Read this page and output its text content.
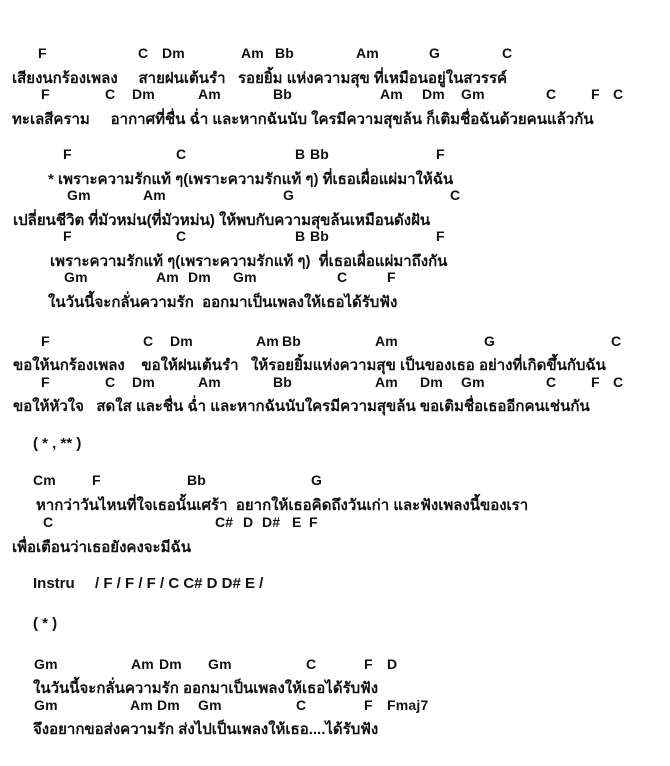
F	C Dm	Am Bb	Am	G	C
เสียงนกร้องเพลง     สายฝนเต้นรำ   รอยยิ้ม แห่งความสุข ที่เหมือนอยู่ในสวรรค์
F	C Dm	Am	Bb	Am Dm Gm	C F C
ทะเลสีคราม     อากาศที่ชื่น ฉ่ำ และหากฉันนับ ใครมีความสุขล้น ก็เติมชื่อฉันด้วยคนแล้วกัน
F	C	B Bb	F
* เพราะความรักแท้ ๆ(เพราะความรักแท้ ๆ) ที่เธอเผื่อแผ่มาให้ฉัน
Gm	Am	G	C
เปลี่ยนชีวิต ที่มัวหม่น(ที่มัวหม่น) ให้พบกับความสุขล้นเหมือนดังฝัน
F	C	B Bb	F
เพราะความรักแท้ ๆ(เพราะความรักแท้ ๆ)  ที่เธอเผื่อแผ่มาถึงกัน
Gm	Am Dm Gm	C	F
ในวันนี้จะกลั่นความรัก  ออกมาเป็นเพลงให้เธอได้รับฟัง
F	C Dm	Am Bb	Am	G	C
ขอให้นกร้องเพลง    ขอให้ฝนเต้นรำ   ให้รอยยิ้มแห่งความสุข เป็นของเธอ อย่างที่เกิดขึ้นกับฉัน
F	C Dm	Am	Bb	Am Dm Gm	C F C
ขอให้หัวใจ   สดใส และชื่น ฉ่ำ และหากฉันนับใครมีความสุขล้น ขอเติมชื่อเธออีกคนเช่นกัน
( * , ** )
Cm	F	Bb	G
หากว่าวันไหนที่ใจเธอนั้นเศร้า  อยากให้เธอคิดถึงวันเก่า และฟังเพลงนี้ของเรา
C	C# D D# E F
เพื่อเตือนว่าเธอยังคงจะมีฉัน
Instru / F / F / F / C C# D D# E /
( * )
Gm	Am Dm Gm	C	F D
ในวันนี้จะกลั่นความรัก ออกมาเป็นเพลงให้เธอได้รับฟัง
Gm	Am Dm Gm	C	F Fmaj7
จึงอยากขอส่งความรัก ส่งไปเป็นเพลงให้เธอ....ได้รับฟัง
